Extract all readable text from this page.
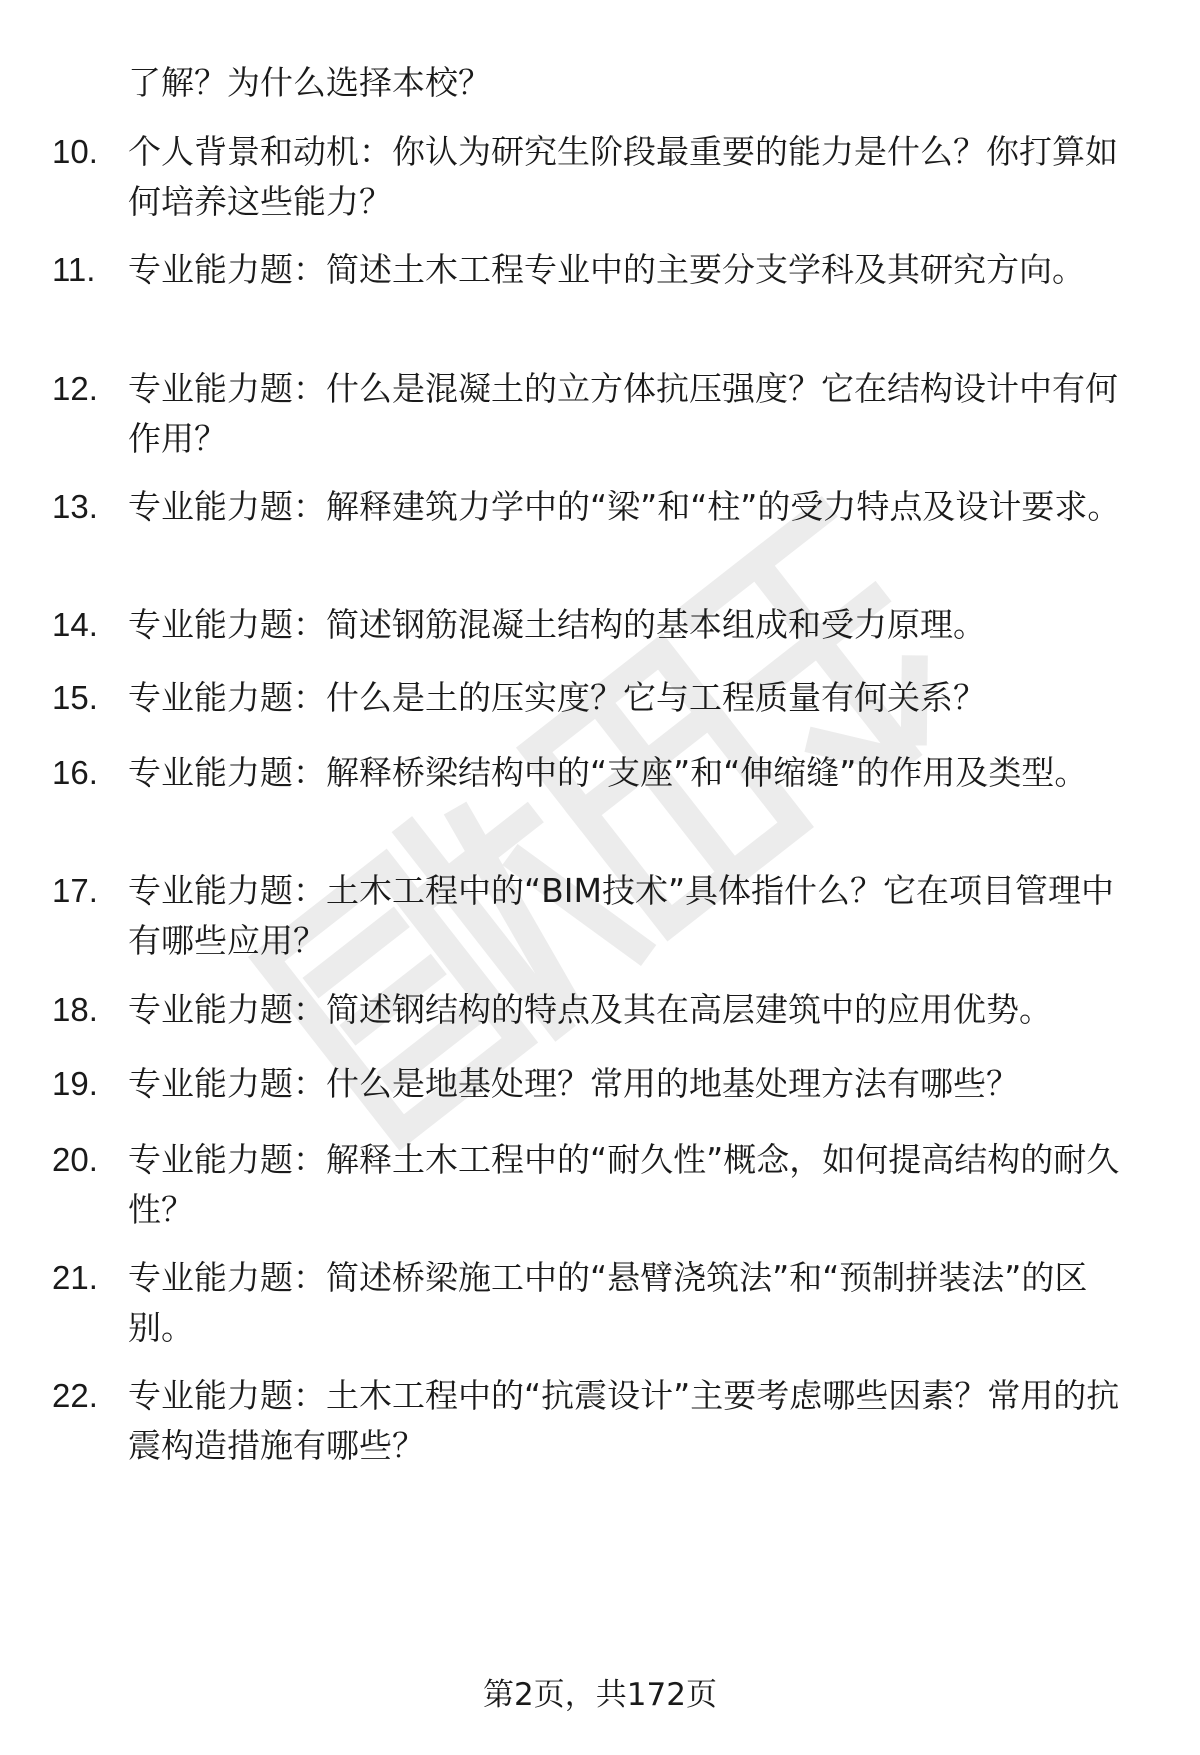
了解？为什么选择本校？
10. 个人背景和动机：你认为研究生阶段最重要的能力是什么？你打算如何培养这些能力？
11. 专业能力题：简述土木工程专业中的主要分支学科及其研究方向。
12. 专业能力题：什么是混凝土的立方体抗压强度？它在结构设计中有何作用？
13. 专业能力题：解释建筑力学中的“梁”和“柱”的受力特点及设计要求。
14. 专业能力题：简述钢筋混凝土结构的基本组成和受力原理。
15. 专业能力题：什么是土的压实度？它与工程质量有何关系？
16. 专业能力题：解释桥梁结构中的“支座”和“伸缩缝”的作用及类型。
17. 专业能力题：土木工程中的“BIM技术”具体指什么？它在项目管理中有哪些应用？
18. 专业能力题：简述钢结构的特点及其在高层建筑中的应用优势。
19. 专业能力题：什么是地基处理？常用的地基处理方法有哪些？
20. 专业能力题：解释土木工程中的“耐久性”概念，如何提高结构的耐久性？
21. 专业能力题：简述桥梁施工中的“悬臂浇筑法”和“预制拼装法”的区别。
22. 专业能力题：土木工程中的“抗震设计”主要考虑哪些因素？常用的抗震构造措施有哪些？
第2页，共172页
